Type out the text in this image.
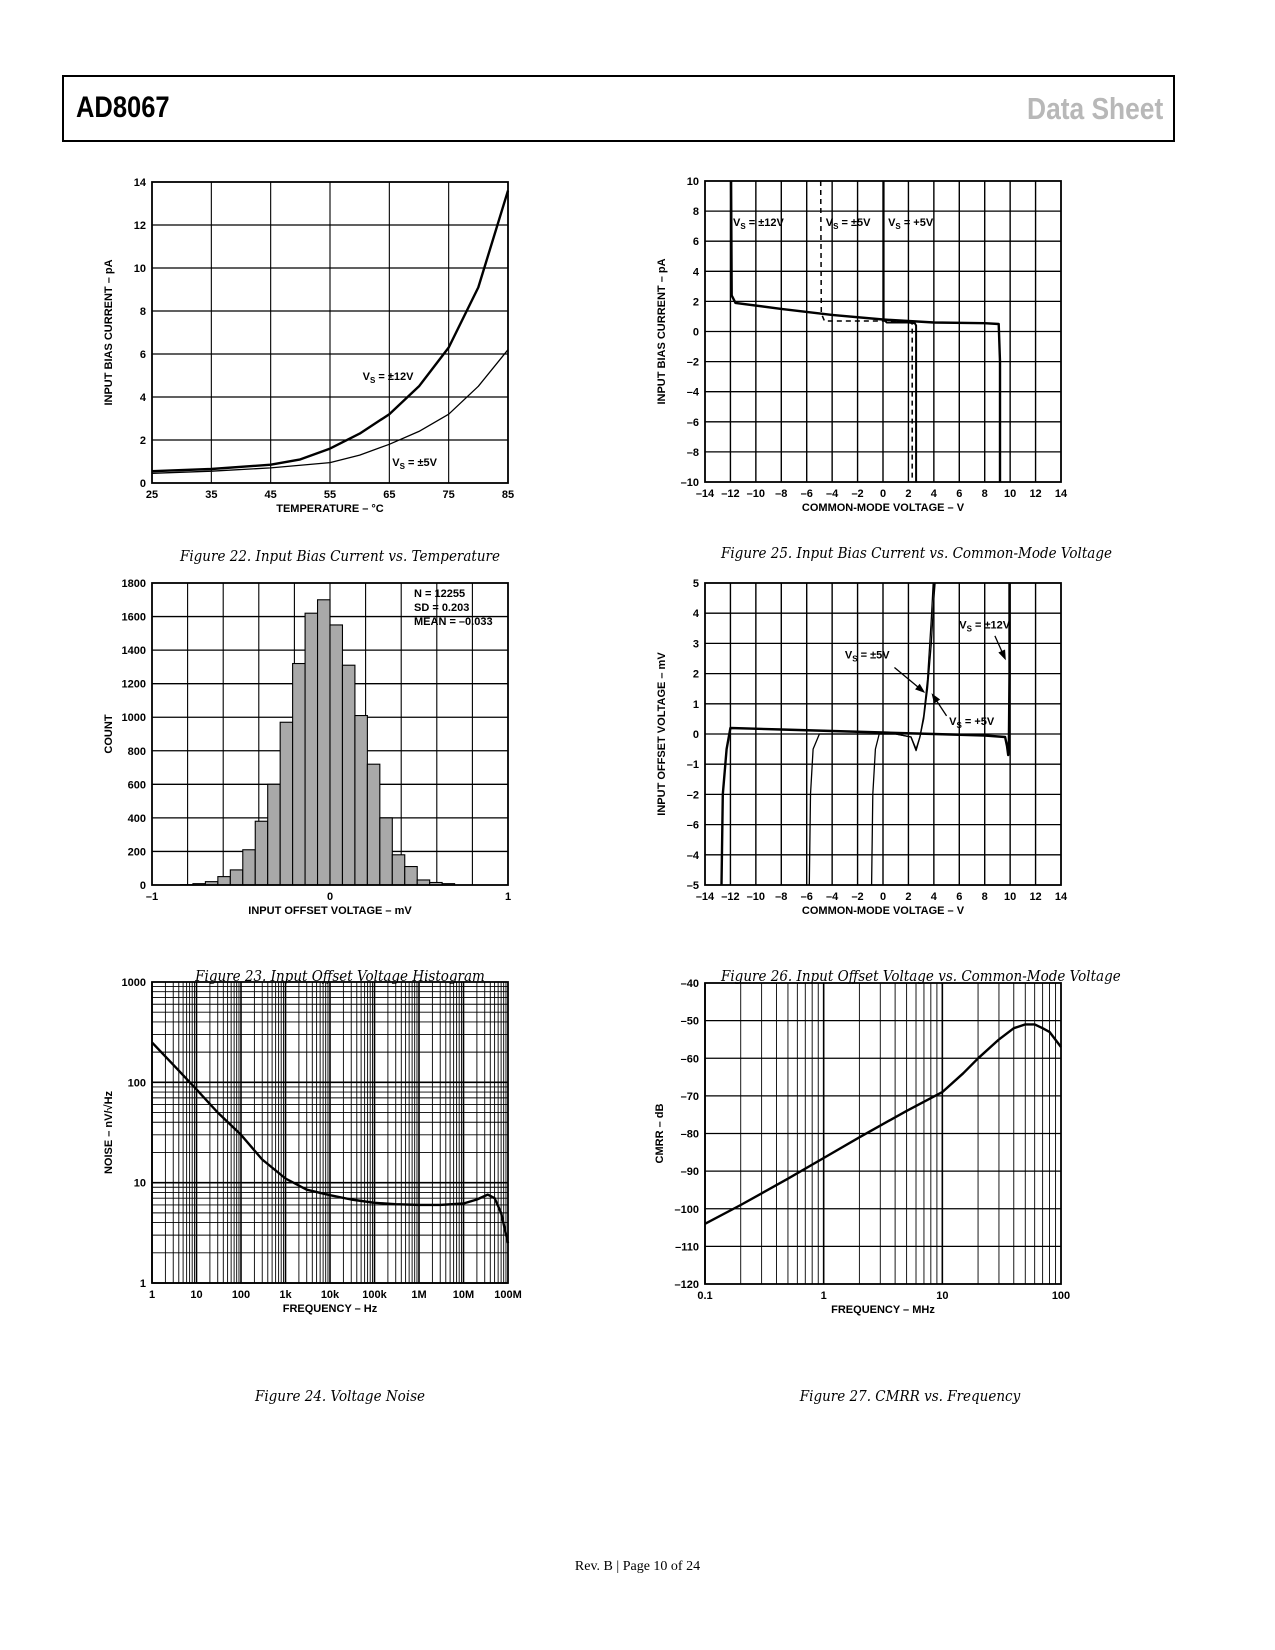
AD8067	Data Sheet
$V_S = \pm 12V$
$V_S = \pm 5V$
25	35	45	55	65	75	85
0
2
4
6
8
10
12
14
TEMPERATURE – °C
INPUT BIAS CURRENT – pA
N = 12255
SD = 0.203
MEAN = –0.033
–1	0	1
0
200
400
600
800
1000
1200
1400
1600
1800
INPUT OFFSET VOLTAGE – mV
COUNT
1	10	100	1k	10k 100k 1M 10M 100M
1
10
100
1000
FREQUENCY – Hz
NOISE – nV/√Hz
$V_S = \pm 12V$	$V_S = \pm 5V$ $V_S = +5V$
–14 –12 –10 –8 –6 –4 –2 0 2 4 6 8 10 12 14
–10
–8
–6
–4
–2
0
2
4
6
8
10
COMMON-MODE VOLTAGE – V
INPUT BIAS CURRENT – pA
$V_S = \pm 12V$
$V_S = \pm 5V$
$V_S = +5V$
–14 –12 –10 –8 –6 –4 –2 0 2 4 6 8 10 12 14
–5
–4
–6
–2
–1
0
1
2
3
4
5
COMMON-MODE VOLTAGE – V
INPUT OFFSET VOLTAGE – mV
0.1	1	10	100
–120
–110
–100
–90
–80
–70
–60
–50
–40
FREQUENCY – MHz
CMRR – dB
Figure 22. Input Bias Current vs. Temperature
Figure 23. Input Offset Voltage Histogram
Figure 24. Voltage Noise
Figure 25. Input Bias Current vs. Common-Mode Voltage
Figure 26. Input Offset Voltage vs. Common-Mode Voltage
Figure 27. CMRR vs. Frequency
Rev. B | Page 10 of 24
